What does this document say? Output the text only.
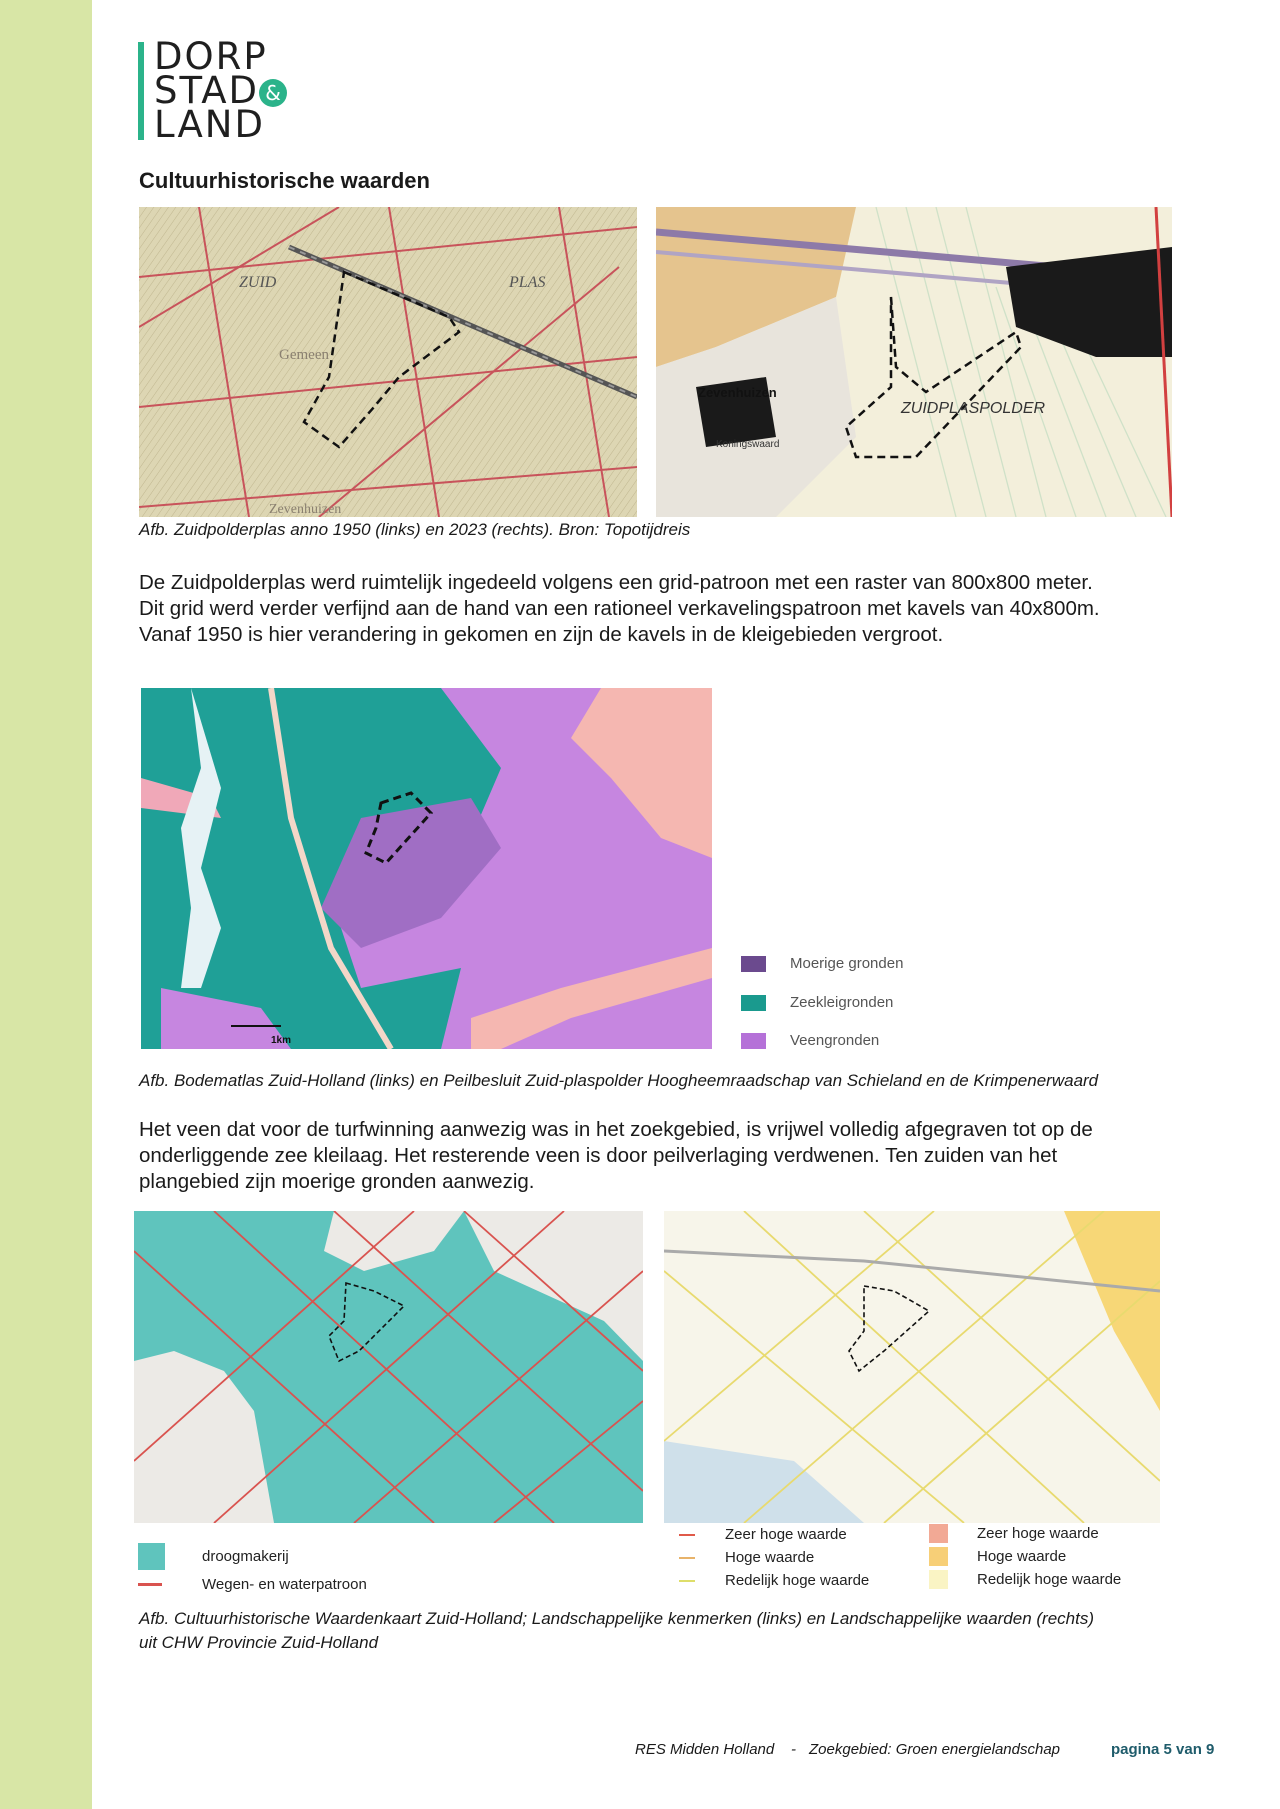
DORP
STAD &
LAND
Cultuurhistorische waarden
ZUID	PLAS
Gemeen
Zevenhuizen
Zevenhuizen
ZUIDPLASPOLDER
Koningswaard
Afb. Zuidpolderplas anno 1950 (links) en 2023 (rechts). Bron: Topotijdreis
De Zuidpolderplas werd ruimtelijk ingedeeld volgens een grid-patroon met een raster van 800x800 meter.
Dit grid werd verder verfijnd aan de hand van een rationeel verkavelingspatroon met kavels van 40x800m.
Vanaf 1950 is hier verandering in gekomen en zijn de kavels in de kleigebieden vergroot.
1km
Moerige gronden
Zeekleigronden
Veengronden
Afb. Bodematlas Zuid-Holland (links) en Peilbesluit Zuid-plaspolder Hoogheemraadschap van Schieland en de Krimpenerwaard
Het veen dat voor de turfwinning aanwezig was in het zoekgebied, is vrijwel volledig afgegraven tot op de
onderliggende zee kleilaag. Het resterende veen is door peilverlaging verdwenen. Ten zuiden van het
plangebied zijn moerige gronden aanwezig.
droogmakerij
Wegen- en waterpatroon
Zeer hoge waarde
Hoge waarde
Redelijk hoge waarde
Zeer hoge waarde
Hoge waarde
Redelijk hoge waarde
Afb. Cultuurhistorische Waardenkaart Zuid-Holland; Landschappelijke kenmerken (links) en Landschappelijke waarden (rechts)
uit CHW Provincie Zuid-Holland
RES Midden Holland - Zoekgebied: Groen energielandschap	pagina 5 van 9
